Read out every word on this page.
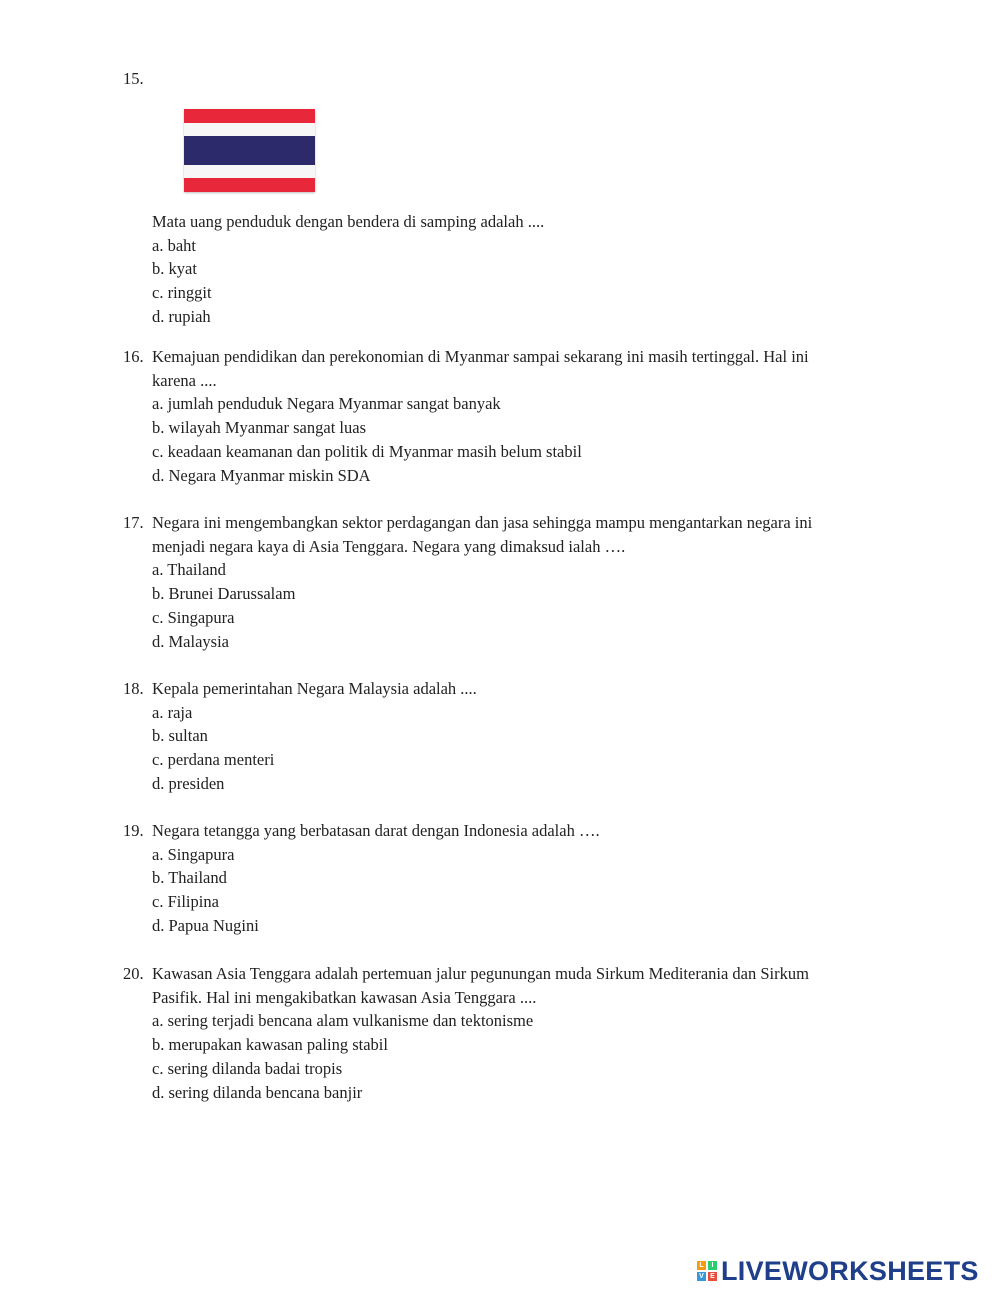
15.
Mata uang penduduk dengan bendera di samping adalah ....
a. baht
b. kyat
c. ringgit
d. rupiah
16. Kemajuan pendidikan dan perekonomian di Myanmar sampai sekarang ini masih tertinggal. Hal ini
karena ....
a. jumlah penduduk Negara Myanmar sangat banyak
b. wilayah Myanmar sangat luas
c. keadaan keamanan dan politik di Myanmar masih belum stabil
d. Negara Myanmar miskin SDA
17. Negara ini mengembangkan sektor perdagangan dan jasa sehingga mampu mengantarkan negara ini
menjadi negara kaya di Asia Tenggara. Negara yang dimaksud ialah ….
a. Thailand
b. Brunei Darussalam
c. Singapura
d. Malaysia
18. Kepala pemerintahan Negara Malaysia adalah ....
a. raja
b. sultan
c. perdana menteri
d. presiden
19. Negara tetangga yang berbatasan darat dengan Indonesia adalah ….
a. Singapura
b. Thailand
c. Filipina
d. Papua Nugini
20. Kawasan Asia Tenggara adalah pertemuan jalur pegunungan muda Sirkum Mediterania dan Sirkum
Pasifik. Hal ini mengakibatkan kawasan Asia Tenggara ....
a. sering terjadi bencana alam vulkanisme dan tektonisme
b. merupakan kawasan paling stabil
c. sering dilanda badai tropis
d. sering dilanda bencana banjir
L	I
V E LIVEWORKSHEETS
